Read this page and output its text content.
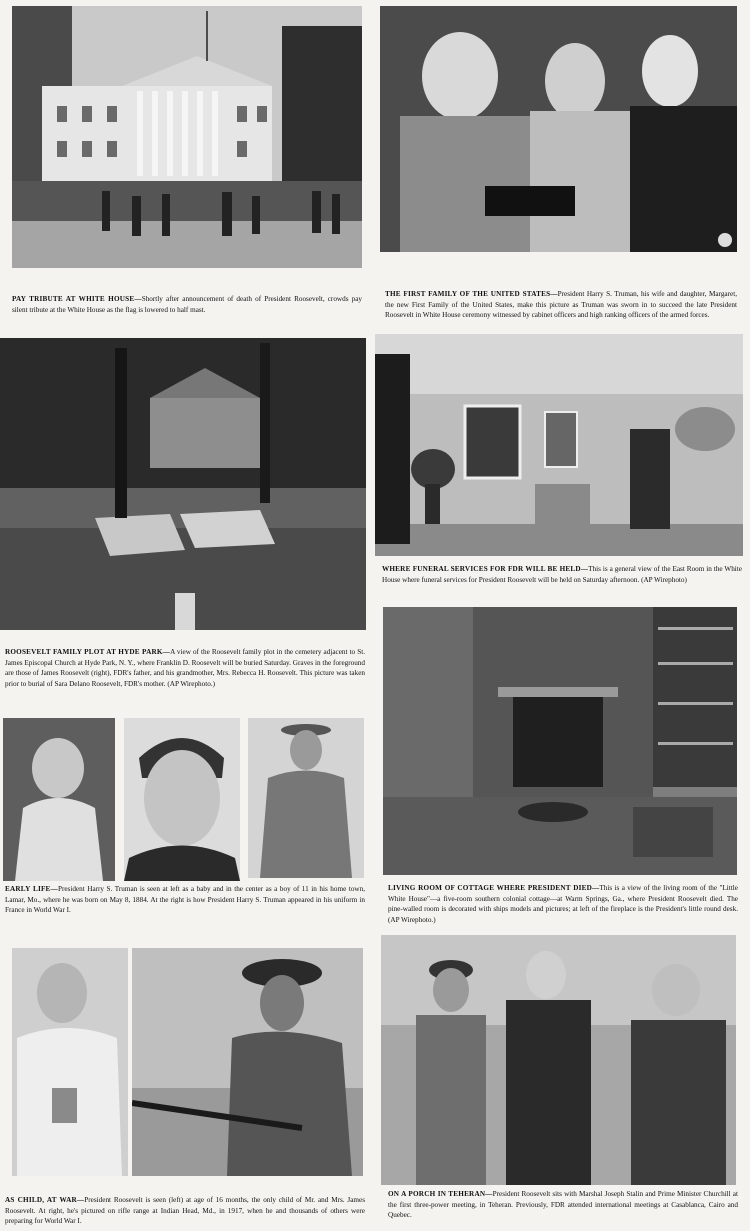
PAY TRIBUTE AT WHITE HOUSE—Shortly after announcement of death of President Roosevelt, crowds pay silent tribute at the White House as the flag is lowered to half mast.
THE FIRST FAMILY OF THE UNITED STATES—President Harry S. Truman, his wife and daughter, Margaret, the new First Family of the United States, make this picture as Truman was sworn in to succeed the late President Roosevelt in White House ceremony witnessed by cabinet officers and high ranking officers of the armed forces.
ROOSEVELT FAMILY PLOT AT HYDE PARK—A view of the Roosevelt family plot in the cemetery adjacent to St. James Episcopal Church at Hyde Park, N. Y., where Franklin D. Roosevelt will be buried Saturday. Graves in the foreground are those of James Roosevelt (right), FDR's father, and his grandmother, Mrs. Rebecca H. Roosevelt. This picture was taken prior to burial of Sara Delano Roosevelt, FDR's mother. (AP Wirephoto.)
WHERE FUNERAL SERVICES FOR FDR WILL BE HELD—This is a general view of the East Room in the White House where funeral services for President Roosevelt will be held on Saturday afternoon. (AP Wirephoto)
EARLY LIFE—President Harry S. Truman is seen at left as a baby and in the center as a boy of 11 in his home town, Lamar, Mo., where he was born on May 8, 1884. At the right is how President Harry S. Truman appeared in his uniform in France in World War I.
LIVING ROOM OF COTTAGE WHERE PRESIDENT DIED—This is a view of the living room of the "Little White House"—a five-room southern colonial cottage—at Warm Springs, Ga., where President Roosevelt died. The pine-walled room is decorated with ships models and pictures; at left of the fireplace is the President's little round desk. (AP Wirephoto.)
AS CHILD, AT WAR—President Roosevelt is seen (left) at age of 16 months, the only child of Mr. and Mrs. James Roosevelt. At right, he's pictured on rifle range at Indian Head, Md., in 1917, when he and thousands of others were preparing for World War I.
ON A PORCH IN TEHERAN—President Roosevelt sits with Marshal Joseph Stalin and Prime Minister Churchill at the first three-power meeting, in Teheran. Previously, FDR attended international meetings at Casablanca, Cairo and Quebec.
